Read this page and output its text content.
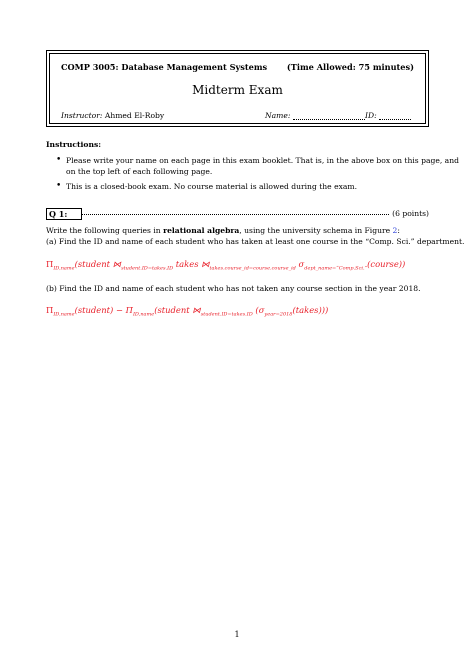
COMP 3005: Database Management Systems (Time Allowed: 75 minutes)
Midterm Exam
Instructor: Ahmed El-Roby	Name:	ID:
Instructions:
• Please write your name on each page in this exam booklet. That is, in the above box on this page, and
on the top left of each following page.
• This is a closed-book exam. No course material is allowed during the exam.
Q 1:	(6 points)
Write the following queries in relational algebra, using the university schema in Figure 2:
(a) Find the ID and name of each student who has taken at least one course in the “Comp. Sci.” department.
$\Pi_{ID,name}(student$ $⋈_{student.ID=takes.ID}$ takes $⋈_{takes.course\_id=course.course\_id}$ $\sigma_{dept\_name=“Comp.Sci.”}(course)$)
(b) Find the ID and name of each student who has not taken any course section in the year 2018.
$\Pi_{ID,name}(student)$ − $\Pi_{ID,name}(student$ $⋈_{student.ID=takes.ID}$ $(\sigma_{year=2018}(takes))$)
1
